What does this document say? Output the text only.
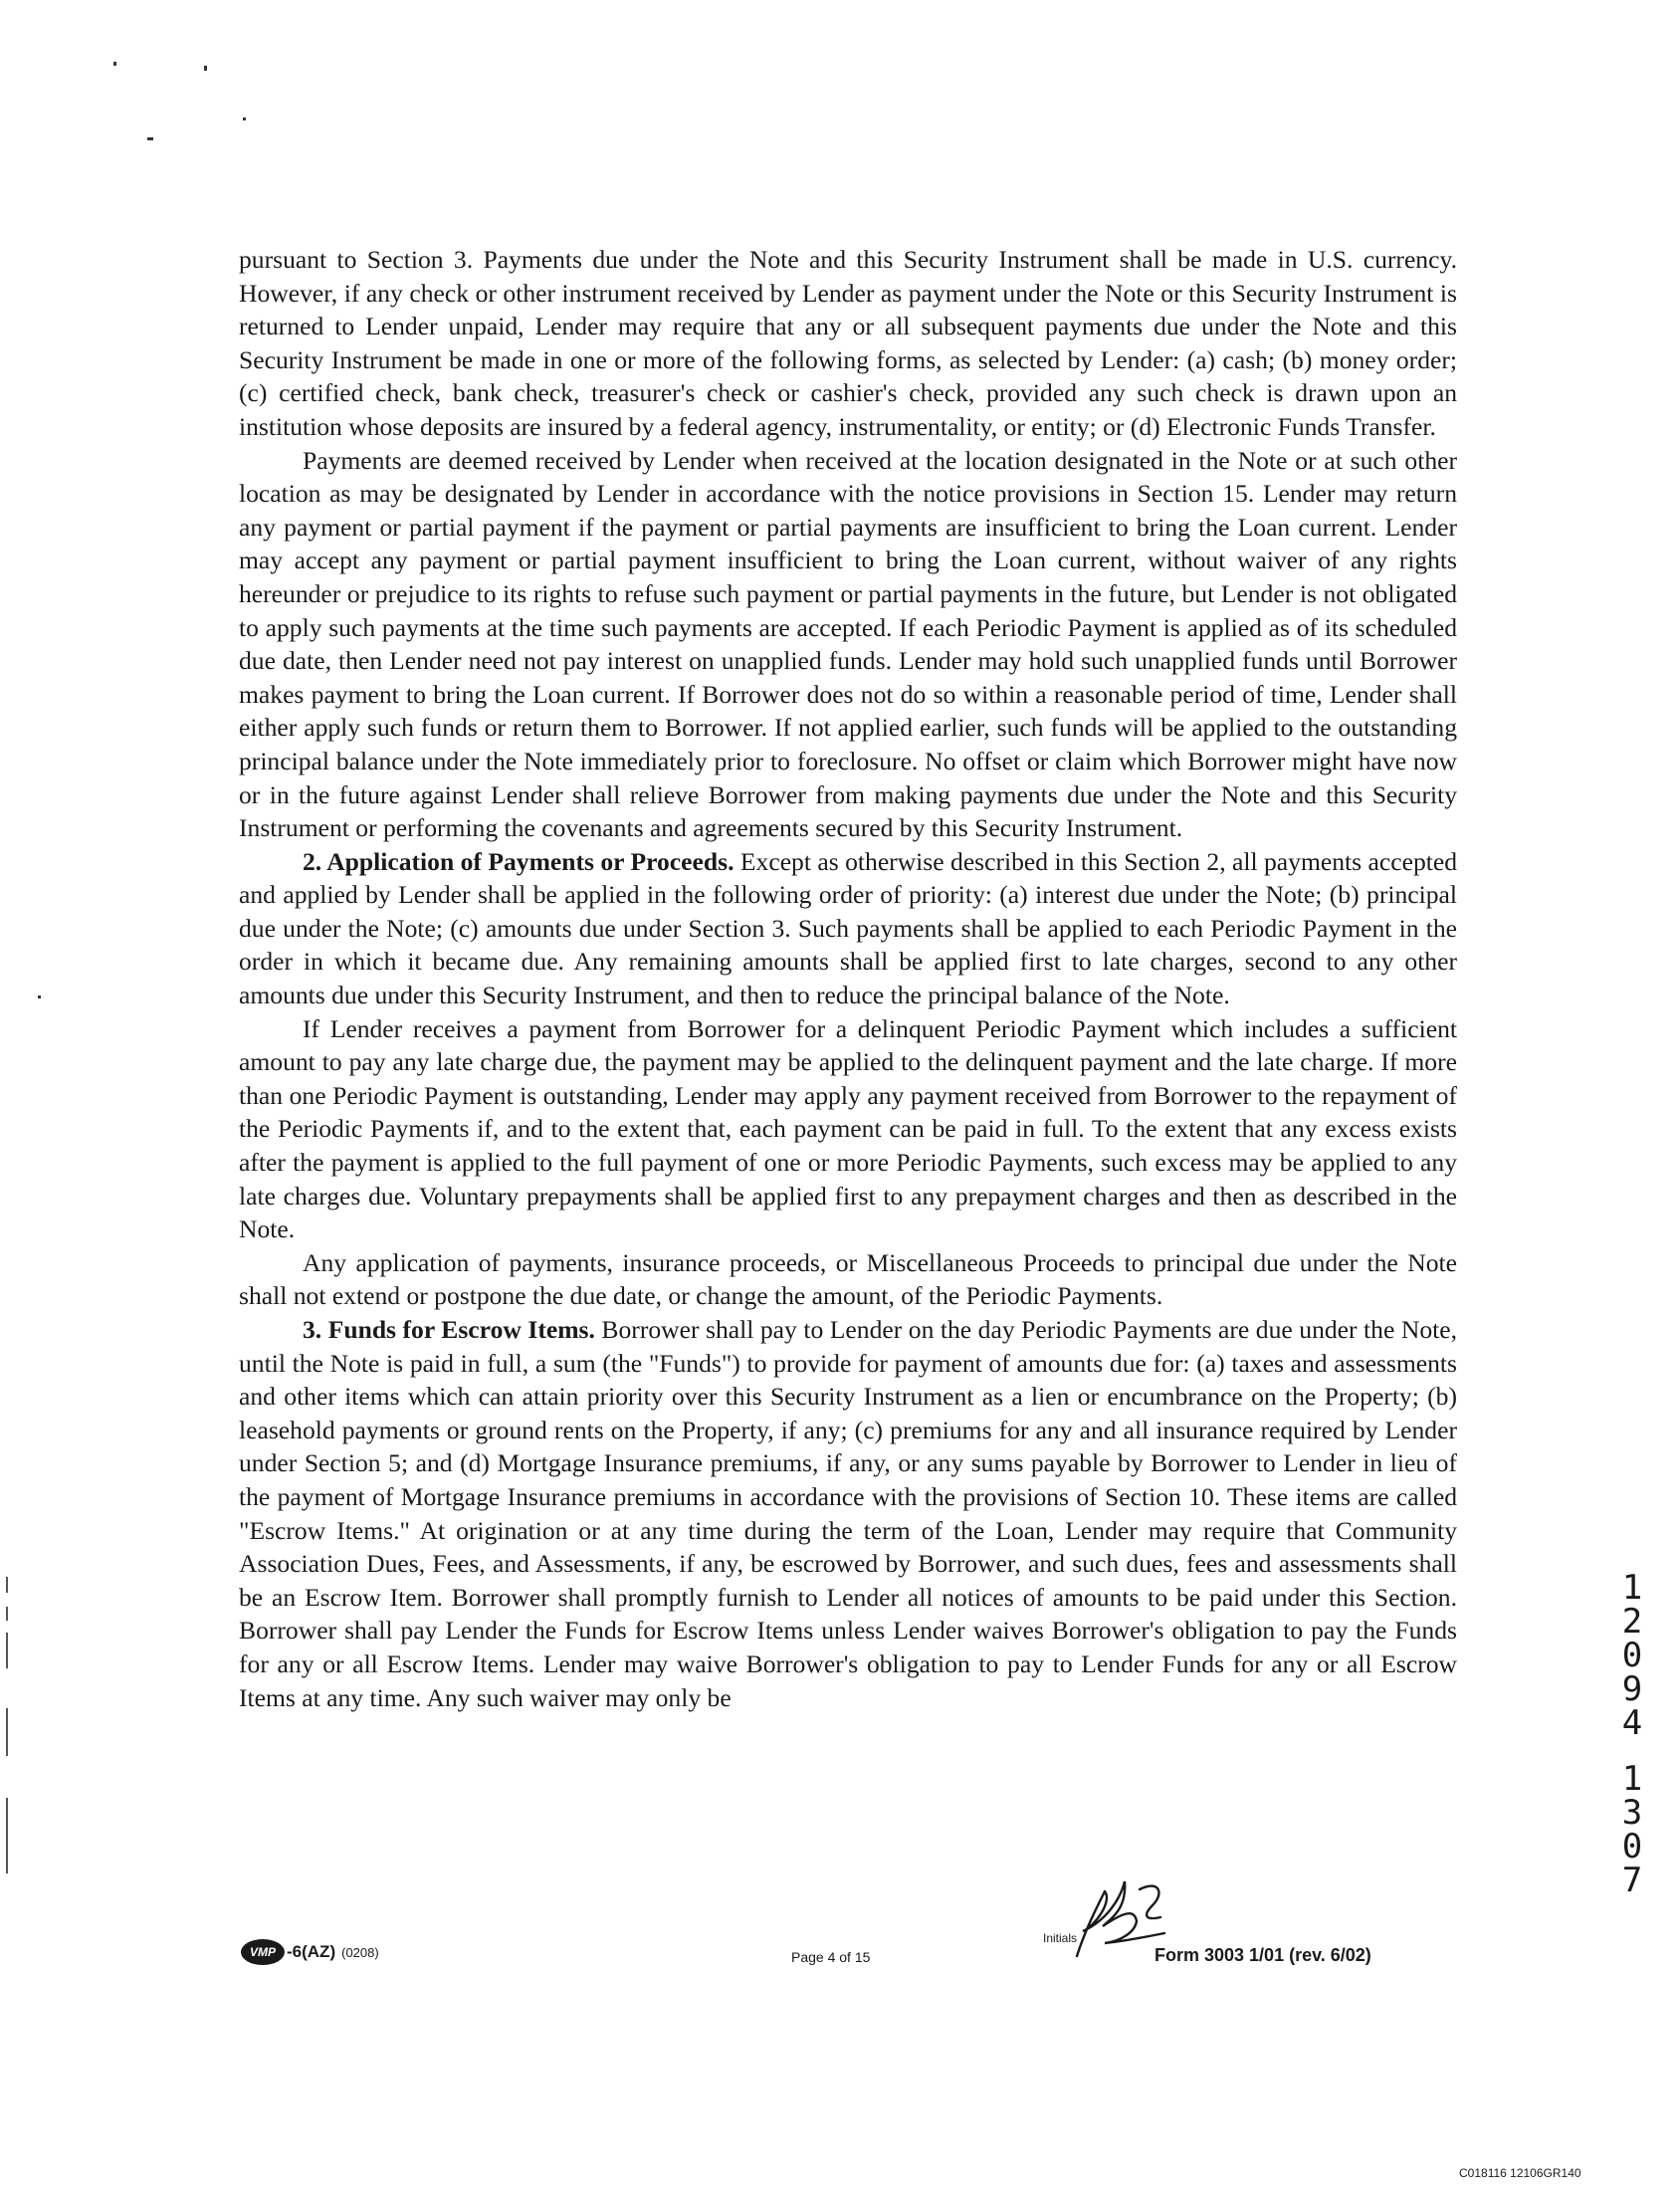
pursuant to Section 3. Payments due under the Note and this Security Instrument shall be made in U.S. currency. However, if any check or other instrument received by Lender as payment under the Note or this Security Instrument is returned to Lender unpaid, Lender may require that any or all subsequent payments due under the Note and this Security Instrument be made in one or more of the following forms, as selected by Lender: (a) cash; (b) money order; (c) certified check, bank check, treasurer's check or cashier's check, provided any such check is drawn upon an institution whose deposits are insured by a federal agency, instrumentality, or entity; or (d) Electronic Funds Transfer.

Payments are deemed received by Lender when received at the location designated in the Note or at such other location as may be designated by Lender in accordance with the notice provisions in Section 15. Lender may return any payment or partial payment if the payment or partial payments are insufficient to bring the Loan current. Lender may accept any payment or partial payment insufficient to bring the Loan current, without waiver of any rights hereunder or prejudice to its rights to refuse such payment or partial payments in the future, but Lender is not obligated to apply such payments at the time such payments are accepted. If each Periodic Payment is applied as of its scheduled due date, then Lender need not pay interest on unapplied funds. Lender may hold such unapplied funds until Borrower makes payment to bring the Loan current. If Borrower does not do so within a reasonable period of time, Lender shall either apply such funds or return them to Borrower. If not applied earlier, such funds will be applied to the outstanding principal balance under the Note immediately prior to foreclosure. No offset or claim which Borrower might have now or in the future against Lender shall relieve Borrower from making payments due under the Note and this Security Instrument or performing the covenants and agreements secured by this Security Instrument.

2. Application of Payments or Proceeds. Except as otherwise described in this Section 2, all payments accepted and applied by Lender shall be applied in the following order of priority: (a) interest due under the Note; (b) principal due under the Note; (c) amounts due under Section 3. Such payments shall be applied to each Periodic Payment in the order in which it became due. Any remaining amounts shall be applied first to late charges, second to any other amounts due under this Security Instrument, and then to reduce the principal balance of the Note.

If Lender receives a payment from Borrower for a delinquent Periodic Payment which includes a sufficient amount to pay any late charge due, the payment may be applied to the delinquent payment and the late charge. If more than one Periodic Payment is outstanding, Lender may apply any payment received from Borrower to the repayment of the Periodic Payments if, and to the extent that, each payment can be paid in full. To the extent that any excess exists after the payment is applied to the full payment of one or more Periodic Payments, such excess may be applied to any late charges due. Voluntary prepayments shall be applied first to any prepayment charges and then as described in the Note.

Any application of payments, insurance proceeds, or Miscellaneous Proceeds to principal due under the Note shall not extend or postpone the due date, or change the amount, of the Periodic Payments.

3. Funds for Escrow Items. Borrower shall pay to Lender on the day Periodic Payments are due under the Note, until the Note is paid in full, a sum (the "Funds") to provide for payment of amounts due for: (a) taxes and assessments and other items which can attain priority over this Security Instrument as a lien or encumbrance on the Property; (b) leasehold payments or ground rents on the Property, if any; (c) premiums for any and all insurance required by Lender under Section 5; and (d) Mortgage Insurance premiums, if any, or any sums payable by Borrower to Lender in lieu of the payment of Mortgage Insurance premiums in accordance with the provisions of Section 10. These items are called "Escrow Items." At origination or at any time during the term of the Loan, Lender may require that Community Association Dues, Fees, and Assessments, if any, be escrowed by Borrower, and such dues, fees and assessments shall be an Escrow Item. Borrower shall promptly furnish to Lender all notices of amounts to be paid under this Section. Borrower shall pay Lender the Funds for Escrow Items unless Lender waives Borrower's obligation to pay the Funds for any or all Escrow Items. Lender may waive Borrower's obligation to pay to Lender Funds for any or all Escrow Items at any time. Any such waiver may only be

VMP -6(AZ) (0208)	Page 4 of 15
Initials
Form 3003 1/01 (rev. 6/02)
1
2
0
9
4
1
3
0
7
C018116 12106GR140
